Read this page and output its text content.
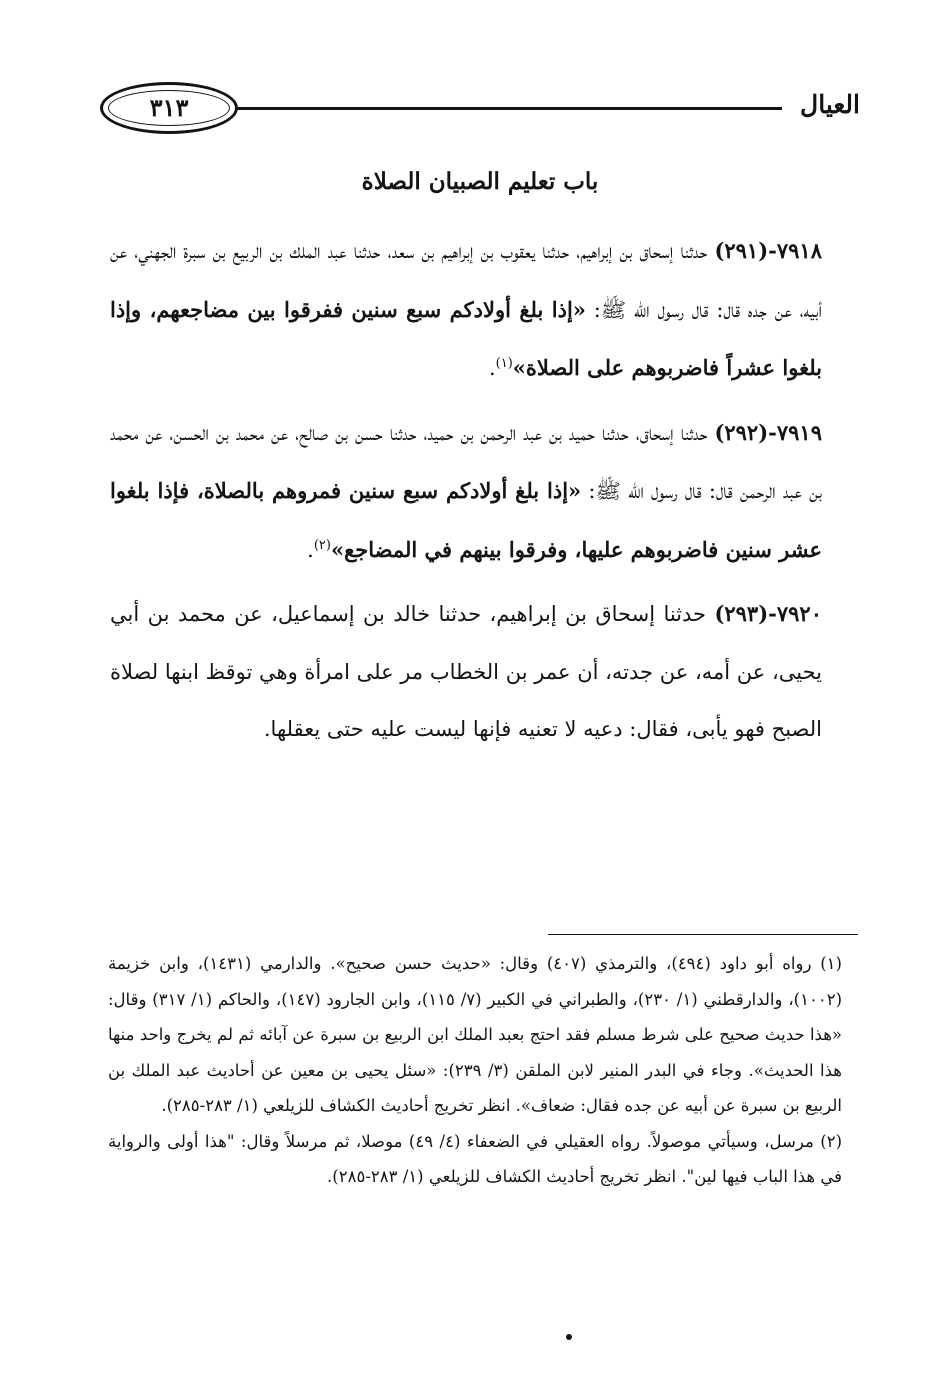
٣١٣	العيال
باب تعليم الصبيان الصلاة

٧٩١٨-(٢٩١) حدثنا إسحاق بن إبراهيم، حدثنا يعقوب بن إبراهيم بن سعد، حدثنا عبد الملك بن الربيع بن سبرة الجهني، عن أبيه، عن جده قال: قال رسول الله ﷺ: «إذا بلغ أولادكم سبع سنين ففرقوا بين مضاجعهم، وإذا بلغوا عشراً فاضربوهم على الصلاة»$^{(١)}$.

٧٩١٩-(٢٩٢) حدثنا إسحاق، حدثنا حميد بن عبد الرحمن بن حميد، حدثنا حسن بن صالح، عن محمد بن الحسن، عن محمد بن عبد الرحمن قال: قال رسول الله ﷺ: «إذا بلغ أولادكم سبع سنين فمروهم بالصلاة، فإذا بلغوا عشر سنين فاضربوهم عليها، وفرقوا بينهم في المضاجع»$^{(٢)}$.

٧٩٢٠-(٢٩٣) حدثنا إسحاق بن إبراهيم، حدثنا خالد بن إسماعيل، عن محمد بن أبي يحيى، عن أمه، عن جدته، أن عمر بن الخطاب مر على امرأة وهي توقظ ابنها لصلاة الصبح فهو يأبى، فقال: دعيه لا تعنيه فإنها ليست عليه حتى يعقلها.

(١) رواه أبو داود (٤٩٤)، والترمذي (٤٠٧) وقال: «حديث حسن صحيح». والدارمي (١٤٣١)، وابن خزيمة (١٠٠٢)، والدارقطني (١/ ٢٣٠)، والطبراني في الكبير (٧/ ١١٥)، وابن الجارود (١٤٧)، والحاكم (١/ ٣١٧) وقال: «هذا حديث صحيح على شرط مسلم فقد احتج بعبد الملك ابن الربيع بن سبرة عن آبائه ثم لم يخرج واحد منها هذا الحديث». وجاء في البدر المنير لابن الملقن (٣/ ٢٣٩): «سئل يحيى بن معين عن أحاديث عبد الملك بن الربيع بن سبرة عن أبيه عن جده فقال: ضعاف». انظر تخريج أحاديث الكشاف للزيلعي (١/ ٢٨٣-٢٨٥).

(٢) مرسل، وسيأتي موصولاً. رواه العقيلي في الضعفاء (٤/ ٤٩) موصلا، ثم مرسلاً وقال: "هذا أولى والرواية في هذا الباب فيها لين". انظر تخريج أحاديث الكشاف للزيلعي (١/ ٢٨٣-٢٨٥).
